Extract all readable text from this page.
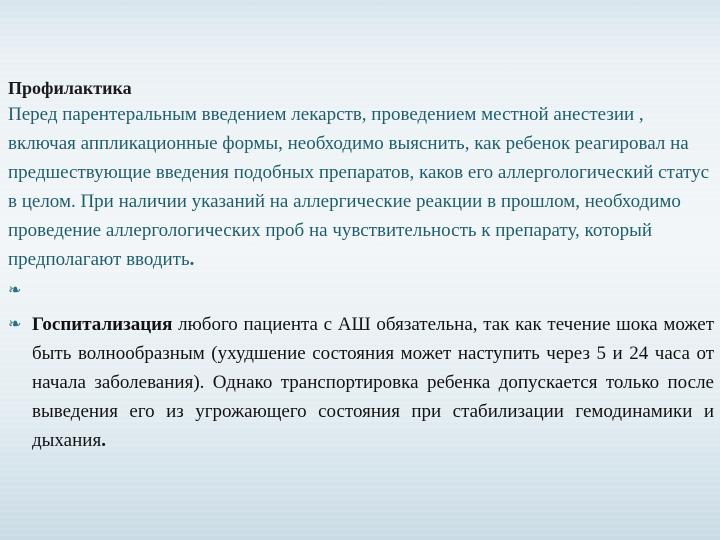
Профилактика

Перед парентеральным введением лекарств, проведением местной анестезии , включая аппликационные формы, необходимо выяснить, как ребенок реагировал на предшествующие введения подобных препаратов, каков его аллергологический статус в целом. При наличии указаний на аллергические реакции в прошлом, необходимо проведение аллергологических проб на чувствительность к препарату, который предполагают вводить.

❧
❧ Госпитализация любого пациента с АШ обязательна, так как течение шока может быть волнообразным (ухудшение состояния может наступить через 5 и 24 часа от начала заболевания). Однако транспортировка ребенка допускается только после выведения его из угрожающего состояния при стабилизации гемодинамики и дыхания.
